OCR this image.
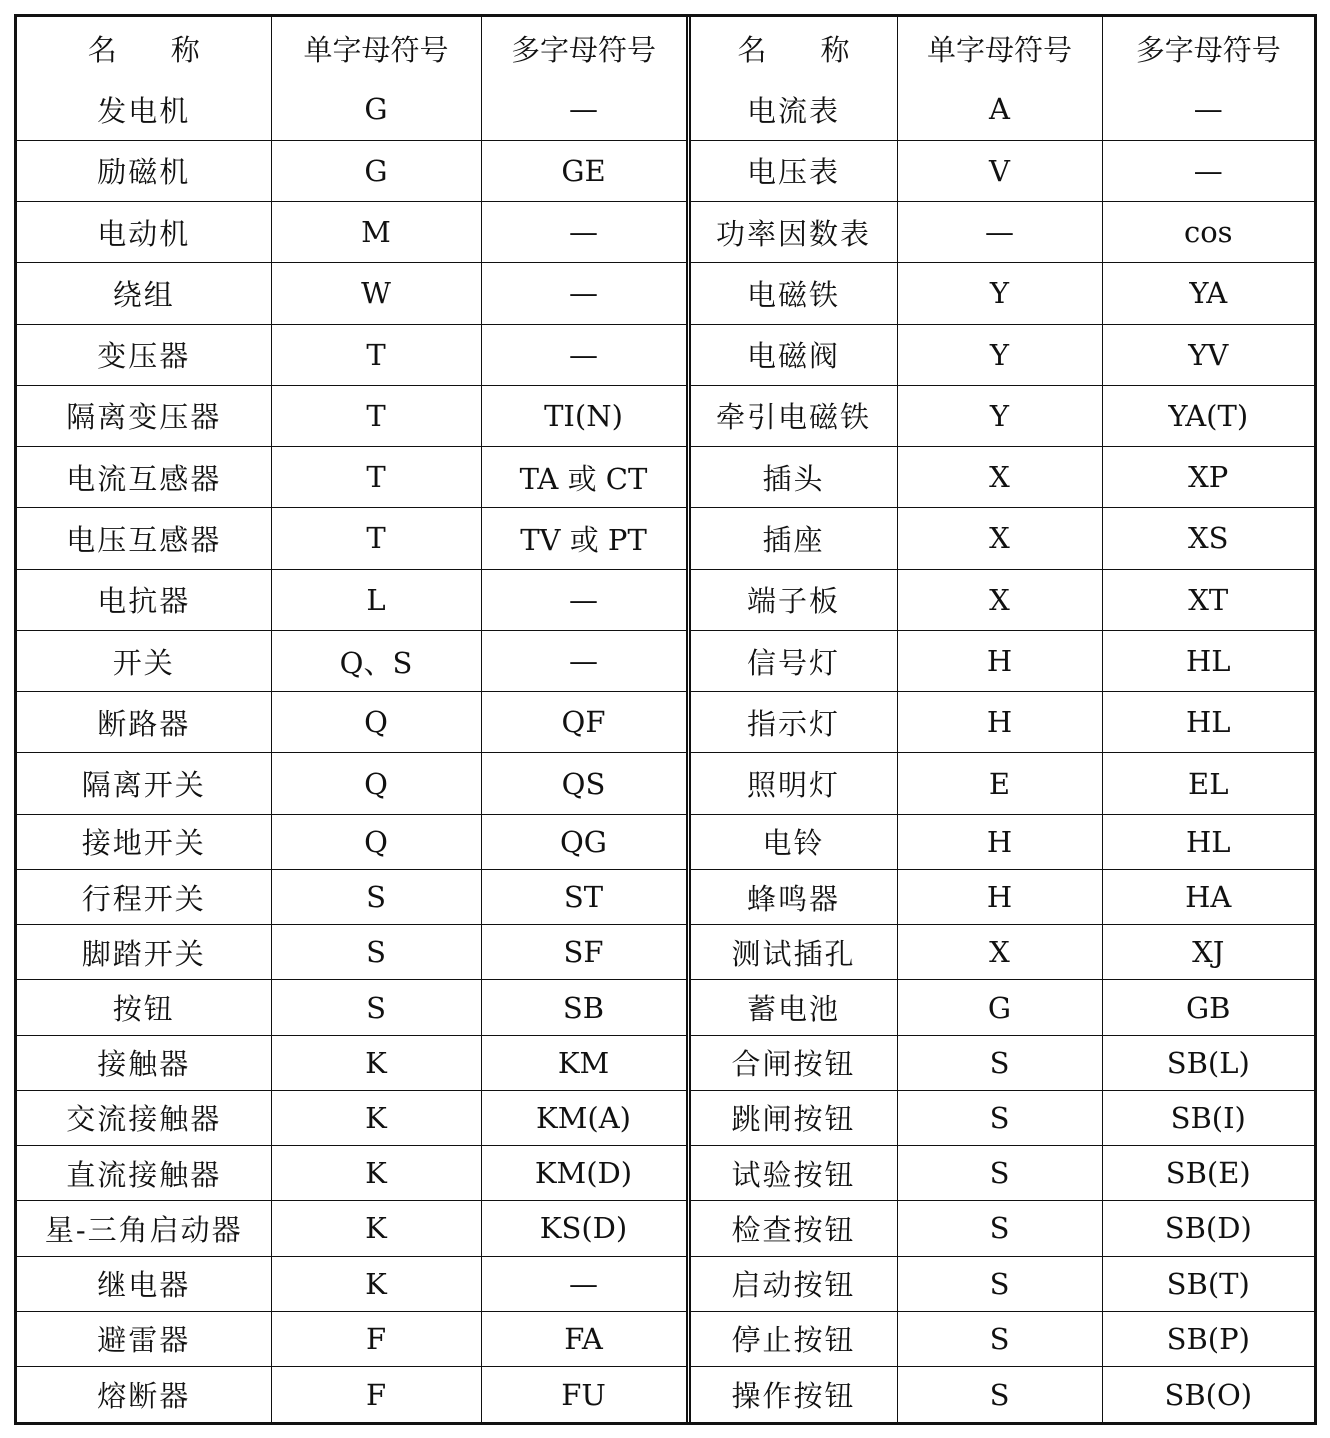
名 称	单字母符号	多字母符号	名 称	单字母符号	多字母符号
发电机	G	—	电流表	A	—
励磁机	G	GE	电压表	V	—
电动机	M	—	功率因数表	—	cos
绕组	W	—	电磁铁	Y	YA
变压器	T	—	电磁阀	Y	YV
隔离变压器	T	TI(N)	牵引电磁铁	Y	YA(T)
电流互感器	T	TA 或 CT	插头	X	XP
电压互感器	T	TV 或 PT	插座	X	XS
电抗器	L	—	端子板	X	XT
开关	Q、S	—	信号灯	H	HL
断路器	Q	QF	指示灯	H	HL
隔离开关	Q	QS	照明灯	E	EL
接地开关	Q	QG	电铃	H	HL
行程开关	S	ST	蜂鸣器	H	HA
脚踏开关	S	SF	测试插孔	X	XJ
按钮	S	SB	蓄电池	G	GB
接触器	K	KM	合闸按钮	S	SB(L)
交流接触器	K	KM(A)	跳闸按钮	S	SB(I)
直流接触器	K	KM(D)	试验按钮	S	SB(E)
星-三角启动器	K	KS(D)	检查按钮	S	SB(D)
继电器	K	—	启动按钮	S	SB(T)
避雷器	F	FA	停止按钮	S	SB(P)
熔断器	F	FU	操作按钮	S	SB(O)
